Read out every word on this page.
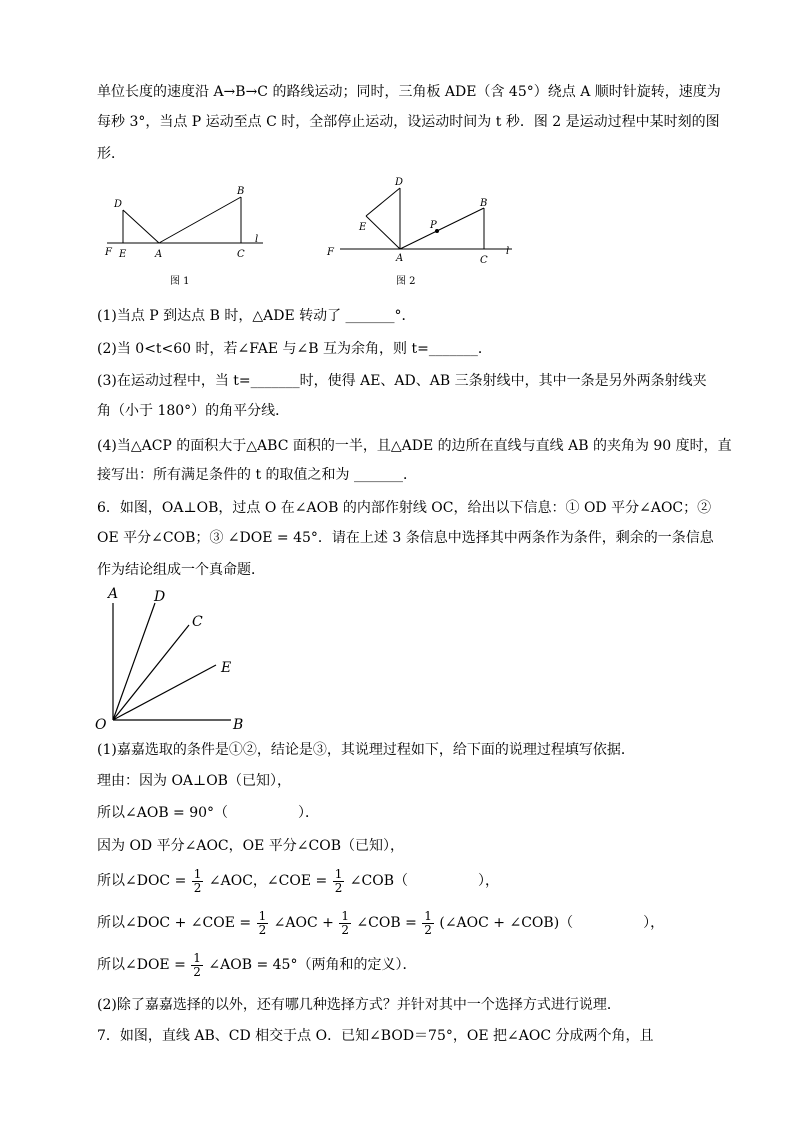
单位长度的速度沿 A→B→C 的路线运动；同时，三角板 ADE（含 45°）绕点 A 顺时针旋转，速度为
每秒 3°，当点 P 运动至点 C 时，全部停止运动，设运动时间为 t 秒．图 2 是运动过程中某时刻的图
形．
D
B
F E	A	C
l
图 1
D
E	P
B
F
A	C
l
图 2
(1)当点 P 到达点 B 时，△ADE 转动了 _______°．
(2)当 0<t<60 时，若∠FAE 与∠B 互为余角，则 t=_______．
(3)在运动过程中，当 t=_______时，使得 AE、AD、AB 三条射线中，其中一条是另外两条射线夹
角（小于 180°）的角平分线．
(4)当△ACP 的面积大于△ABC 面积的一半，且△ADE 的边所在直线与直线 AB 的夹角为 90 度时，直
接写出：所有满足条件的 t 的取值之和为 _______．
6．如图，OA⊥OB，过点 O 在∠AOB 的内部作射线 OC，给出以下信息：① OD 平分∠AOC；②
OE 平分∠COB；③ ∠DOE = 45°．请在上述 3 条信息中选择其中两条作为条件，剩余的一条信息
作为结论组成一个真命题．
A	D
C
E
O	B
(1)嘉嘉选取的条件是①②，结论是③，其说理过程如下，给下面的说理过程填写依据．
理由：因为 OA⊥OB（已知），
所以∠AOB = 90°（　　　　　）．
因为 OD 平分∠AOC，OE 平分∠COB（已知），
所以∠DOC = $\frac{1}{2}$ ∠AOC，∠COE = $\frac{1}{2}$ ∠COB（　　　　　），
所以∠DOC + ∠COE = $\frac{1}{2}$ ∠AOC + $\frac{1}{2}$ ∠COB = $\frac{1}{2}$ (∠AOC + ∠COB)（　　　　　），
所以∠DOE = $\frac{1}{2}$ ∠AOB = 45°（两角和的定义）．
(2)除了嘉嘉选择的以外，还有哪几种选择方式？并针对其中一个选择方式进行说理．
7．如图，直线 AB、CD 相交于点 O．已知∠BOD＝75°，OE 把∠AOC 分成两个角，且
